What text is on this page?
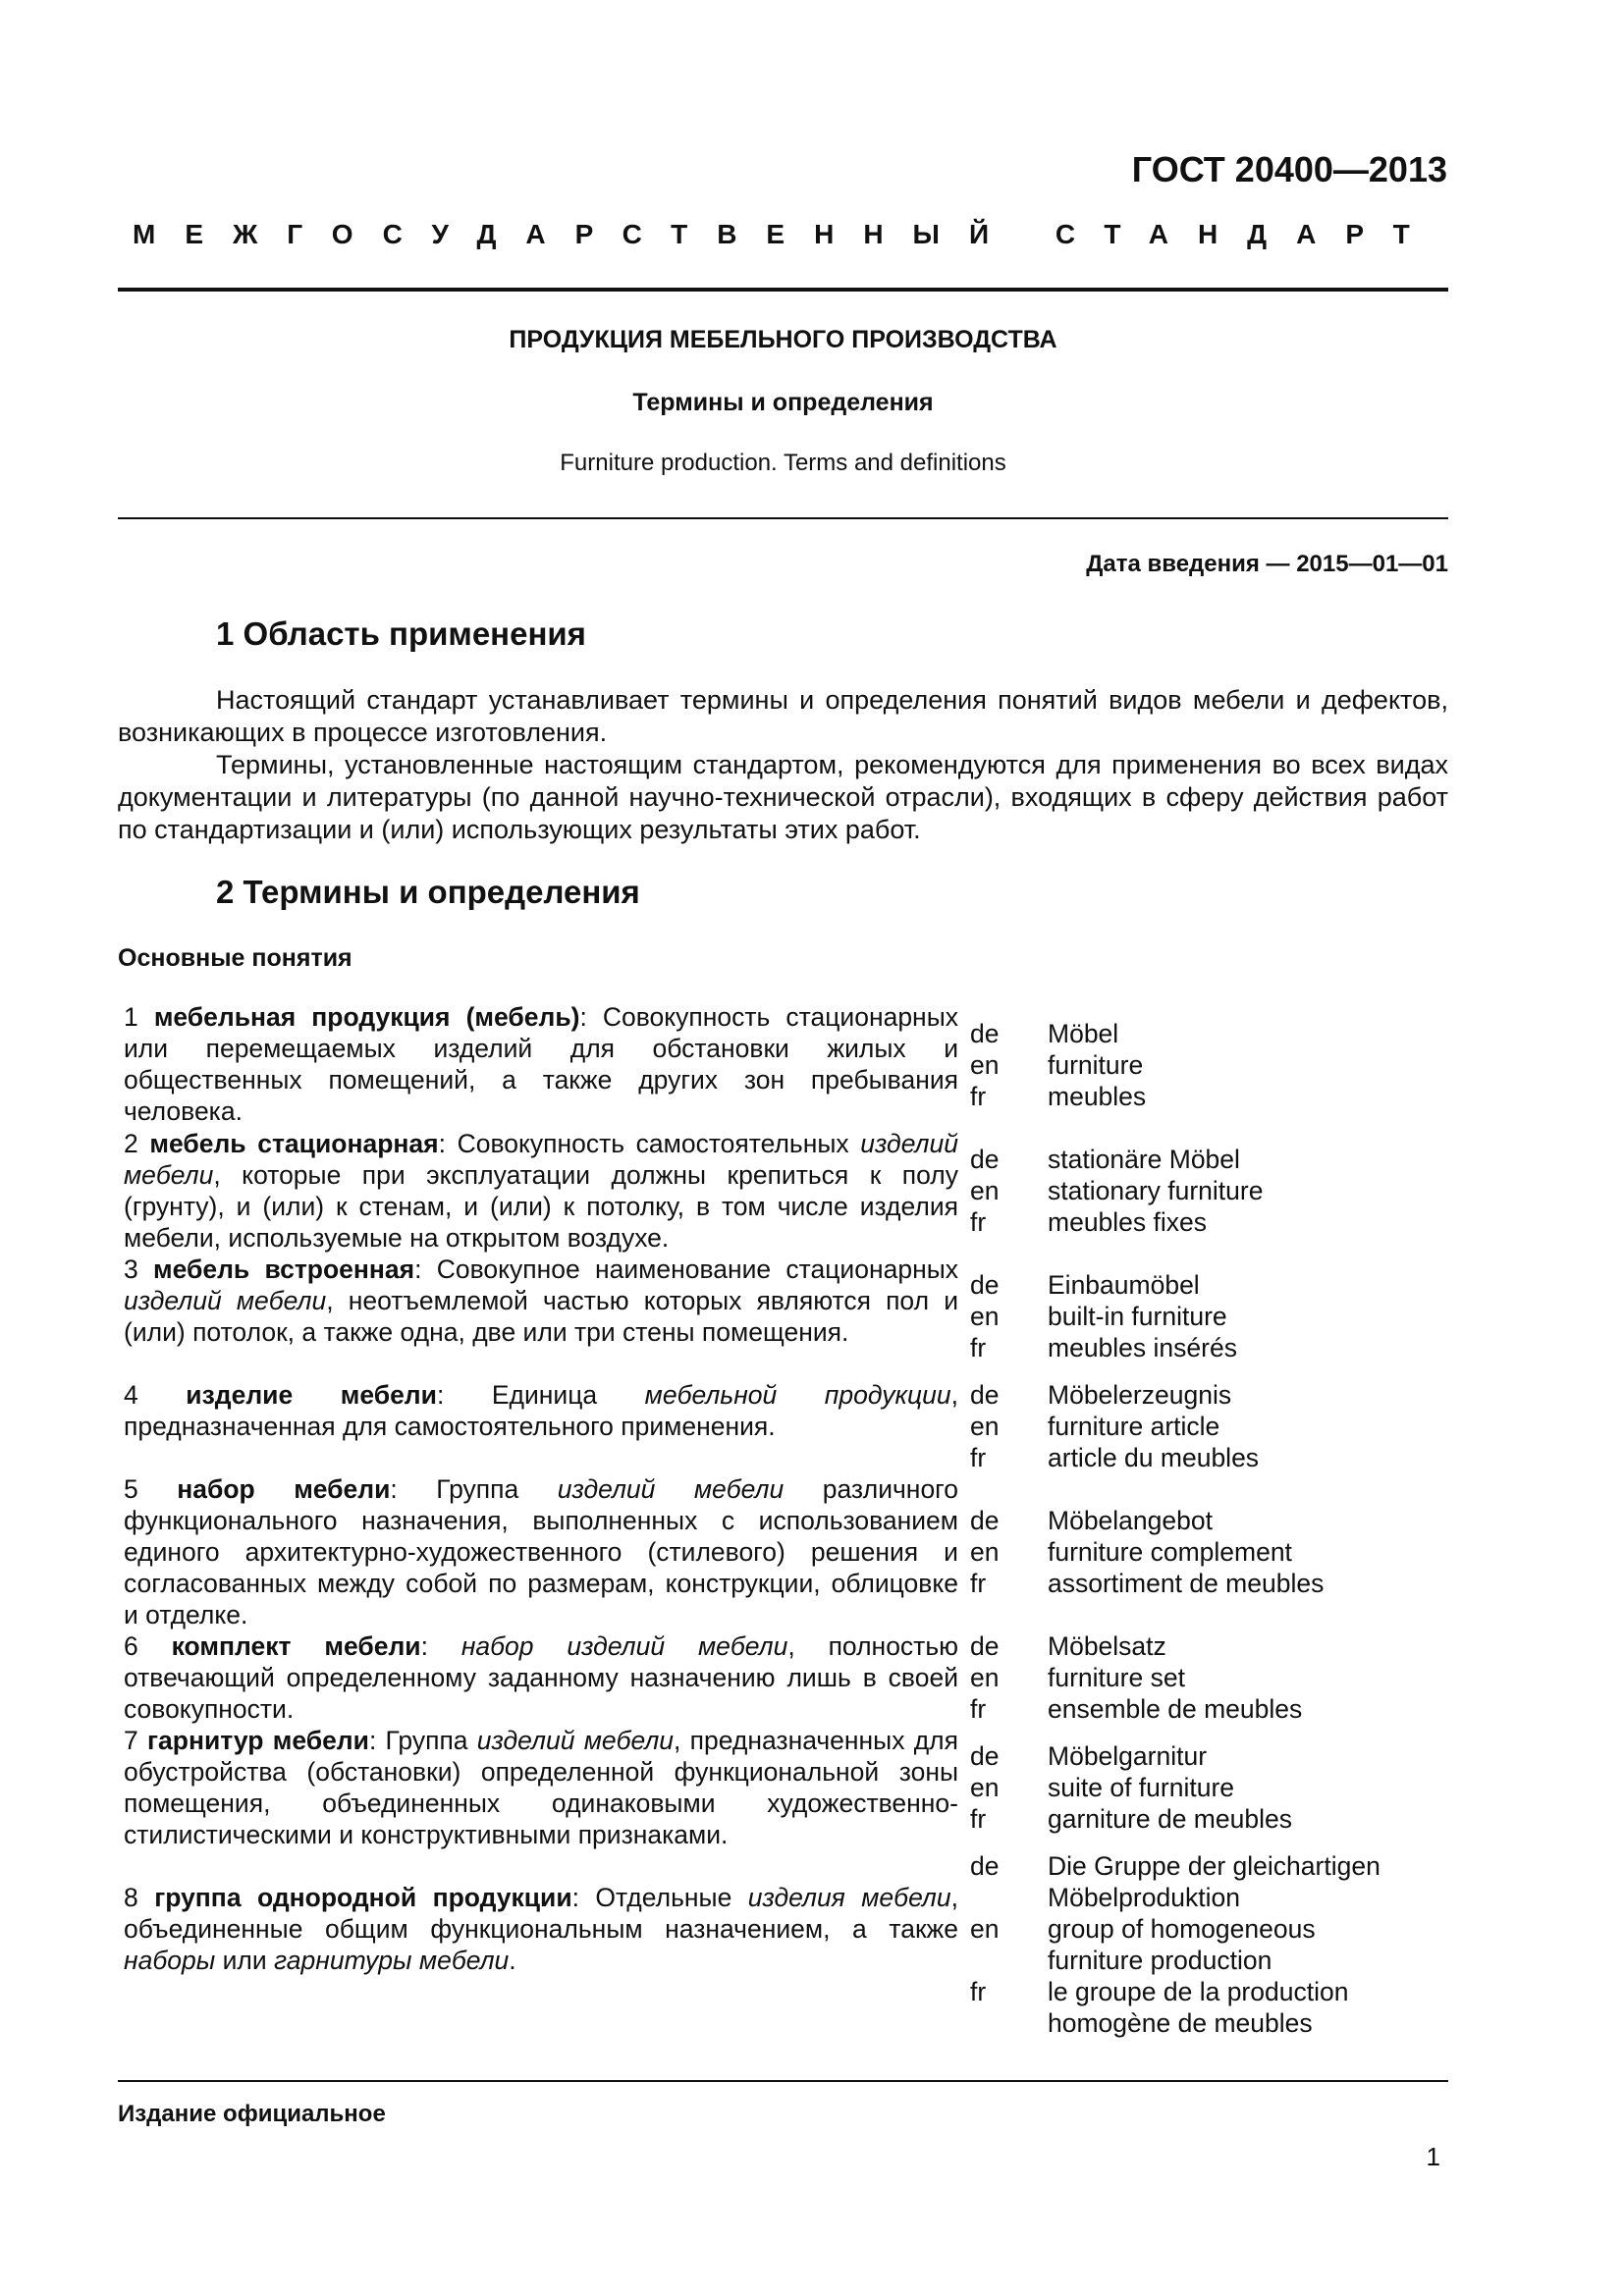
ГОСТ 20400—2013
МЕЖГОСУДАРСТВЕННЫЙ СТАНДАРТ
ПРОДУКЦИЯ МЕБЕЛЬНОГО ПРОИЗВОДСТВА
Термины и определения
Furniture production. Terms and definitions
Дата введения — 2015—01—01
1 Область применения
Настоящий стандарт устанавливает термины и определения понятий видов мебели и дефектов, возникающих в процессе изготовления.
Термины, установленные настоящим стандартом, рекомендуются для применения во всех видах документации и литературы (по данной научно-технической отрасли), входящих в сферу действия работ по стандартизации и (или) использующих результаты этих работ.
2 Термины и определения
Основные понятия
1 мебельная продукция (мебель): Совокупность стационарных или перемещаемых изделий для обстановки жилых и общественных помещений, а также других зон пребывания человека.
de
en
fr
Möbel
furniture
meubles
2 мебель стационарная: Совокупность самостоятельных изделий мебели, которые при эксплуатации должны крепиться к полу (грунту), и (или) к стенам, и (или) к потолку, в том числе изделия мебели, используемые на открытом воздухе.
de
en
fr
stationäre Möbel
stationary furniture
meubles fixes
3 мебель встроенная: Совокупное наименование стационарных изделий мебели, неотъемлемой частью которых являются пол и (или) потолок, а также одна, две или три стены помещения.
de
en
fr
Einbaumöbel
built-in furniture
meubles insérés
4 изделие мебели: Единица мебельной продукции, предназначенная для самостоятельного применения.
de
en
fr
Möbelerzeugnis
furniture article
article du meubles
5 набор мебели: Группа изделий мебели различного функционального назначения, выполненных с использованием единого архитектурно-художественного (стилевого) решения и согласованных между собой по размерам, конструкции, облицовке и отделке.
de
en
fr
Möbelangebot
furniture complement
assortiment de meubles
6 комплект мебели: набор изделий мебели, полностью отвечающий определенному заданному назначению лишь в своей совокупности.
de
en
fr
Möbelsatz
furniture set
ensemble de meubles
7 гарнитур мебели: Группа изделий мебели, предназначенных для обустройства (обстановки) определенной функциональной зоны помещения, объединенных одинаковыми художественно-стилистическими и конструктивными признаками.
de
en
fr
Möbelgarnitur
suite of furniture
garniture de meubles
8 группа однородной продукции: Отдельные изделия мебели, объединенные общим функциональным назначением, а также наборы или гарнитуры мебели.
de
en
fr
Die Gruppe der gleichartigen Möbelproduktion
group of homogeneous furniture production
le groupe de la production homogène de meubles
Издание официальное
1
